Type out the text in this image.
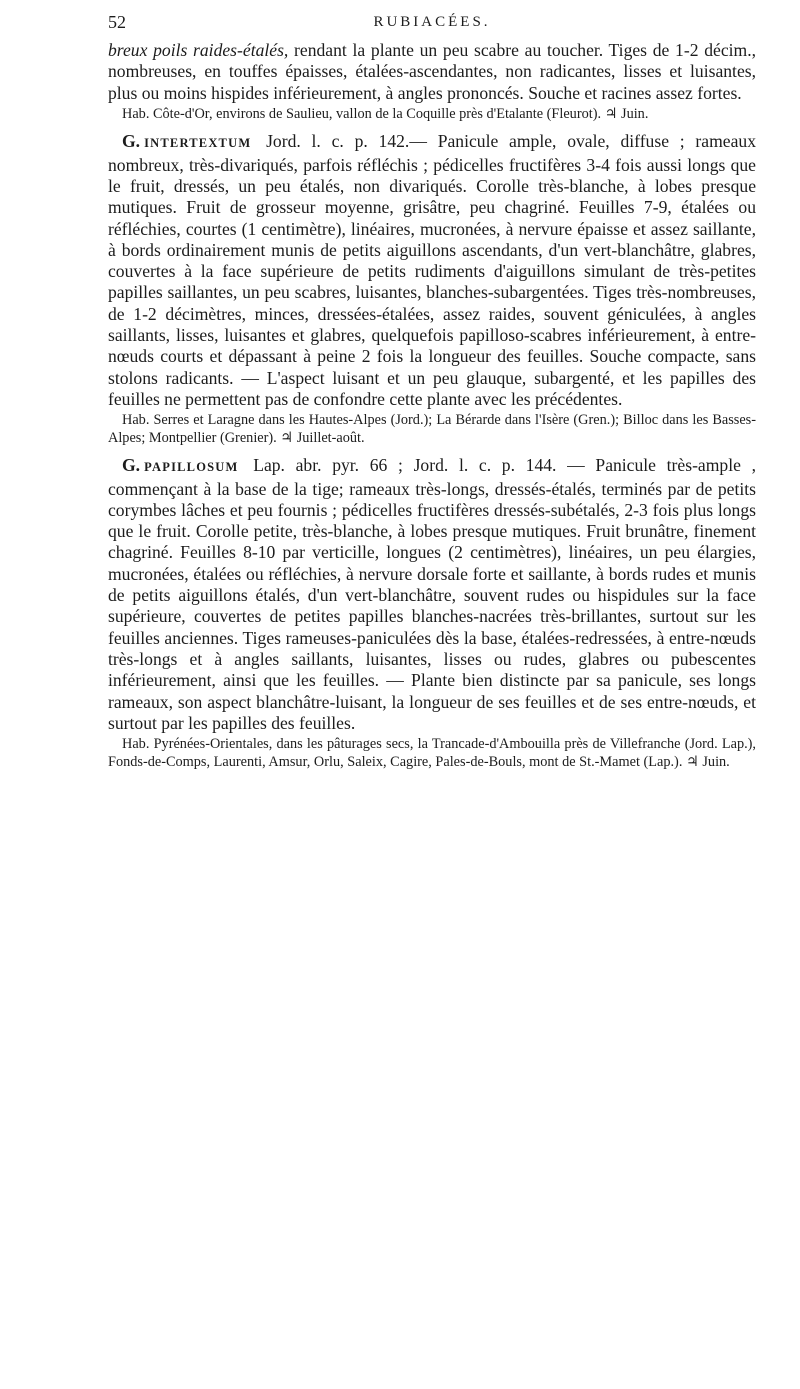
52	RUBIACÉES.

breux poils raides-étalés, rendant la plante un peu scabre au toucher. Tiges de 1-2 décim., nombreuses, en touffes épaisses, étalées-ascendantes, non radicantes, lisses et luisantes, plus ou moins hispides inférieurement, à angles prononcés. Souche et racines assez fortes.

Hab. Côte-d'Or, environs de Saulieu, vallon de la Coquille près d'Etalante (Fleurot). ♃ Juin.

G. INTERTEXTUM Jord. l. c. p. 142.— Panicule ample, ovale, diffuse ; rameaux nombreux, très-divariqués, parfois réfléchis ; pédicelles fructifères 3-4 fois aussi longs que le fruit, dressés, un peu étalés, non divariqués. Corolle très-blanche, à lobes presque mutiques. Fruit de grosseur moyenne, grisâtre, peu chagriné. Feuilles 7-9, étalées ou réfléchies, courtes (1 centimètre), linéaires, mucronées, à nervure épaisse et assez saillante, à bords ordinairement munis de petits aiguillons ascendants, d'un vert-blanchâtre, glabres, couvertes à la face supérieure de petits rudiments d'aiguillons simulant de très-petites papilles saillantes, un peu scabres, luisantes, blanches-subargentées. Tiges très-nombreuses, de 1-2 décimètres, minces, dressées-étalées, assez raides, souvent géniculées, à angles saillants, lisses, luisantes et glabres, quelquefois papilloso-scabres inférieurement, à entre-nœuds courts et dépassant à peine 2 fois la longueur des feuilles. Souche compacte, sans stolons radicants. — L'aspect luisant et un peu glauque, subargenté, et les papilles des feuilles ne permettent pas de confondre cette plante avec les précédentes.

Hab. Serres et Laragne dans les Hautes-Alpes (Jord.); La Bérarde dans l'Isère (Gren.); Billoc dans les Basses-Alpes; Montpellier (Grenier). ♃ Juillet-août.

G. PAPILLOSUM Lap. abr. pyr. 66 ; Jord. l. c. p. 144. — Panicule très-ample , commençant à la base de la tige; rameaux très-longs, dressés-étalés, terminés par de petits corymbes lâches et peu fournis ; pédicelles fructifères dressés-subétalés, 2-3 fois plus longs que le fruit. Corolle petite, très-blanche, à lobes presque mutiques. Fruit brunâtre, finement chagriné. Feuilles 8-10 par verticille, longues (2 centimètres), linéaires, un peu élargies, mucronées, étalées ou réfléchies, à nervure dorsale forte et saillante, à bords rudes et munis de petits aiguillons étalés, d'un vert-blanchâtre, souvent rudes ou hispidules sur la face supérieure, couvertes de petites papilles blanches-nacrées très-brillantes, surtout sur les feuilles anciennes. Tiges rameuses-paniculées dès la base, étalées-redressées, à entre-nœuds très-longs et à angles saillants, luisantes, lisses ou rudes, glabres ou pubescentes inférieurement, ainsi que les feuilles. — Plante bien distincte par sa panicule, ses longs rameaux, son aspect blanchâtre-luisant, la longueur de ses feuilles et de ses entre-nœuds, et surtout par les papilles des feuilles.

Hab. Pyrénées-Orientales, dans les pâturages secs, la Trancade-d'Ambouilla près de Villefranche (Jord. Lap.), Fonds-de-Comps, Laurenti, Amsur, Orlu, Saleix, Cagire, Pales-de-Bouls, mont de St.-Mamet (Lap.). ♃ Juin.
